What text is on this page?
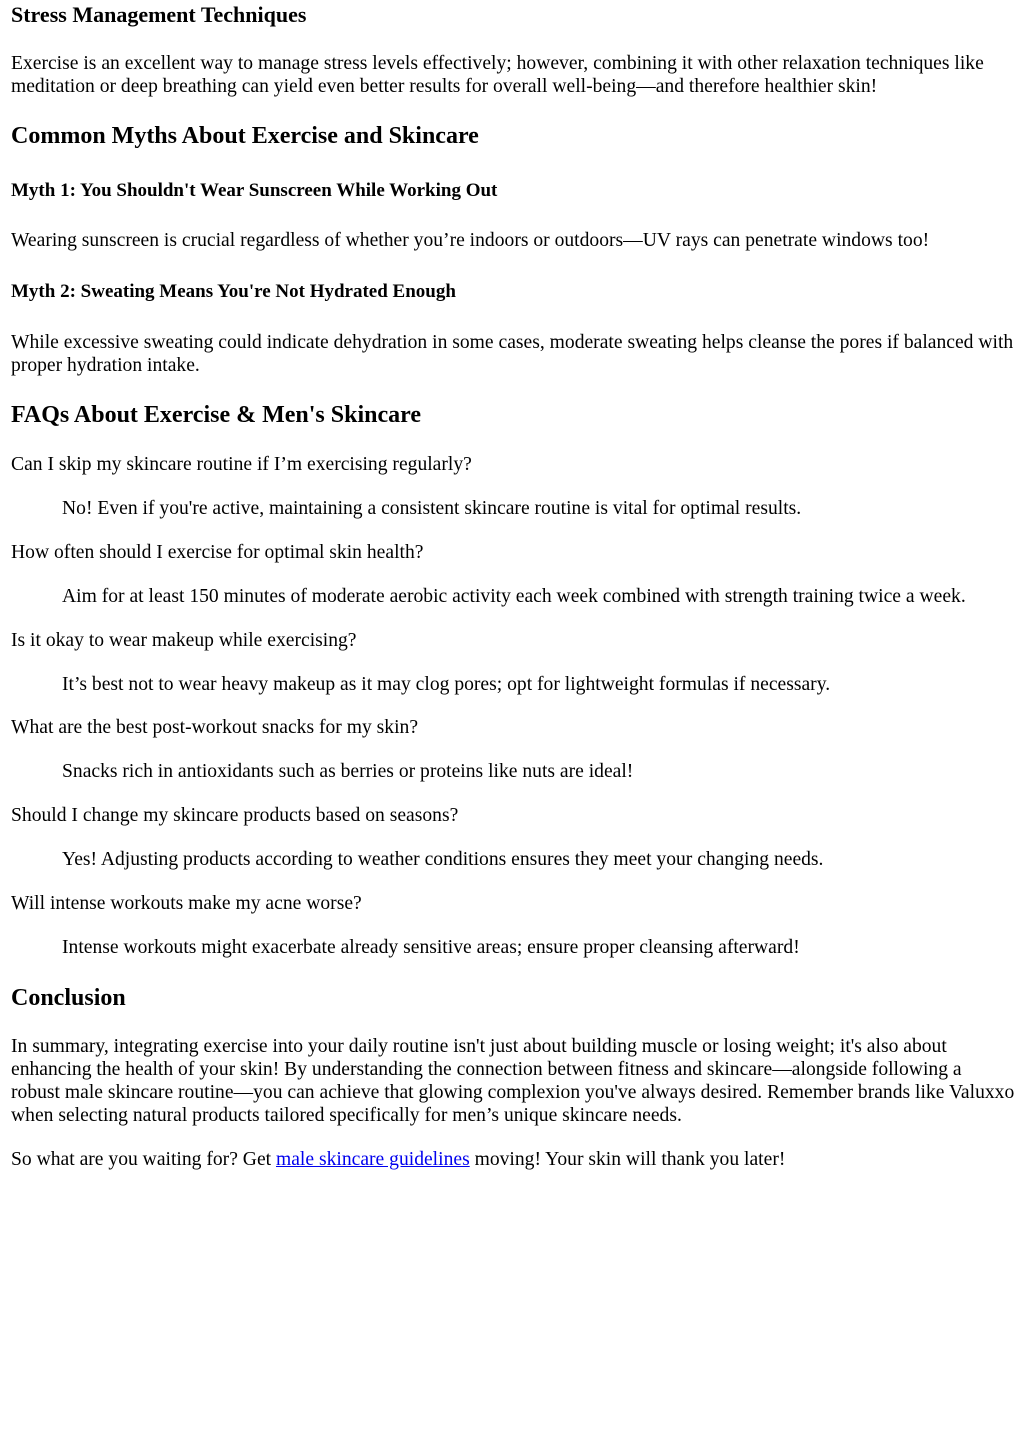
Stress Management Techniques

Exercise is an excellent way to manage stress levels effectively; however, combining it with other relaxation techniques like meditation or deep breathing can yield even better results for overall well-being—and therefore healthier skin!

Common Myths About Exercise and Skincare
Myth 1: You Shouldn't Wear Sunscreen While Working Out

Wearing sunscreen is crucial regardless of whether you’re indoors or outdoors—UV rays can penetrate windows too!

Myth 2: Sweating Means You're Not Hydrated Enough

While excessive sweating could indicate dehydration in some cases, moderate sweating helps cleanse the pores if balanced with proper hydration intake.

FAQs About Exercise & Men's Skincare

Can I skip my skincare routine if I’m exercising regularly?

No! Even if you're active, maintaining a consistent skincare routine is vital for optimal results.

How often should I exercise for optimal skin health?

Aim for at least 150 minutes of moderate aerobic activity each week combined with strength training twice a week.

Is it okay to wear makeup while exercising?

It’s best not to wear heavy makeup as it may clog pores; opt for lightweight formulas if necessary.

What are the best post-workout snacks for my skin?

Snacks rich in antioxidants such as berries or proteins like nuts are ideal!

Should I change my skincare products based on seasons?

Yes! Adjusting products according to weather conditions ensures they meet your changing needs.

Will intense workouts make my acne worse?

Intense workouts might exacerbate already sensitive areas; ensure proper cleansing afterward!

Conclusion

In summary, integrating exercise into your daily routine isn't just about building muscle or losing weight; it's also about enhancing the health of your skin! By understanding the connection between fitness and skincare—alongside following a robust male skincare routine—you can achieve that glowing complexion you've always desired. Remember brands like Valuxxo when selecting natural products tailored specifically for men’s unique skincare needs.

So what are you waiting for? Get male skincare guidelines moving! Your skin will thank you later!
